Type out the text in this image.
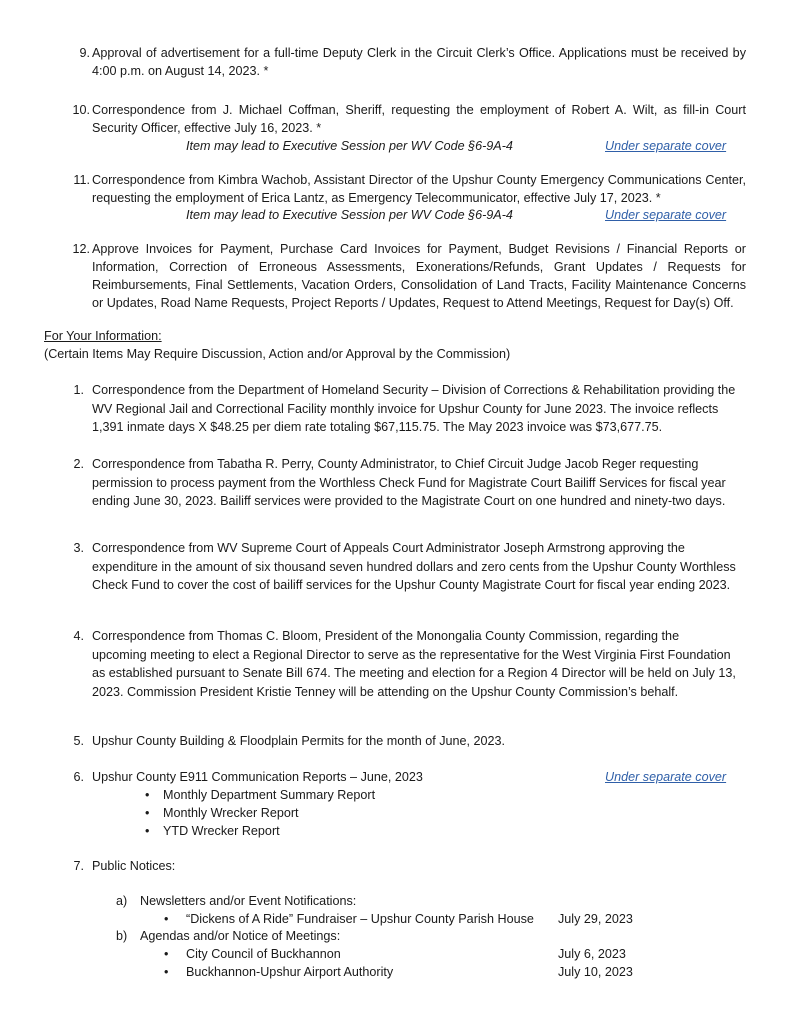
9. Approval of advertisement for a full-time Deputy Clerk in the Circuit Clerk’s Office. Applications must be received by 4:00 p.m. on August 14, 2023. *
10. Correspondence from J. Michael Coffman, Sheriff, requesting the employment of Robert A. Wilt, as fill-in Court Security Officer, effective July 16, 2023. *
Item may lead to Executive Session per WV Code §6-9A-4	Under separate cover
11. Correspondence from Kimbra Wachob, Assistant Director of the Upshur County Emergency Communications Center, requesting the employment of Erica Lantz, as Emergency Telecommunicator, effective July 17, 2023. *
Item may lead to Executive Session per WV Code §6-9A-4	Under separate cover
12. Approve Invoices for Payment, Purchase Card Invoices for Payment, Budget Revisions / Financial Reports or Information, Correction of Erroneous Assessments, Exonerations/Refunds, Grant Updates / Requests for Reimbursements, Final Settlements, Vacation Orders, Consolidation of Land Tracts, Facility Maintenance Concerns or Updates, Road Name Requests, Project Reports / Updates, Request to Attend Meetings, Request for Day(s) Off.
For Your Information:
(Certain Items May Require Discussion, Action and/or Approval by the Commission)
1. Correspondence from the Department of Homeland Security – Division of Corrections & Rehabilitation providing the WV Regional Jail and Correctional Facility monthly invoice for Upshur County for June 2023. The invoice reflects 1,391 inmate days X $48.25 per diem rate totaling $67,115.75. The May 2023 invoice was $73,677.75.
2. Correspondence from Tabatha R. Perry, County Administrator, to Chief Circuit Judge Jacob Reger requesting permission to process payment from the Worthless Check Fund for Magistrate Court Bailiff Services for fiscal year ending June 30, 2023. Bailiff services were provided to the Magistrate Court on one hundred and ninety-two days.
3. Correspondence from WV Supreme Court of Appeals Court Administrator Joseph Armstrong approving the expenditure in the amount of six thousand seven hundred dollars and zero cents from the Upshur County Worthless Check Fund to cover the cost of bailiff services for the Upshur County Magistrate Court for fiscal year ending 2023.
4. Correspondence from Thomas C. Bloom, President of the Monongalia County Commission, regarding the upcoming meeting to elect a Regional Director to serve as the representative for the West Virginia First Foundation as established pursuant to Senate Bill 674. The meeting and election for a Region 4 Director will be held on July 13, 2023. Commission President Kristie Tenney will be attending on the Upshur County Commission’s behalf.
5. Upshur County Building & Floodplain Permits for the month of June, 2023.
6. Upshur County E911 Communication Reports – June, 2023	Under separate cover
• Monthly Department Summary Report
• Monthly Wrecker Report
• YTD Wrecker Report
7. Public Notices:
a) Newsletters and/or Event Notifications:
• “Dickens of A Ride” Fundraiser – Upshur County Parish House July 29, 2023
b) Agendas and/or Notice of Meetings:
• City Council of Buckhannon	July 6, 2023
• Buckhannon-Upshur Airport Authority	July 10, 2023
